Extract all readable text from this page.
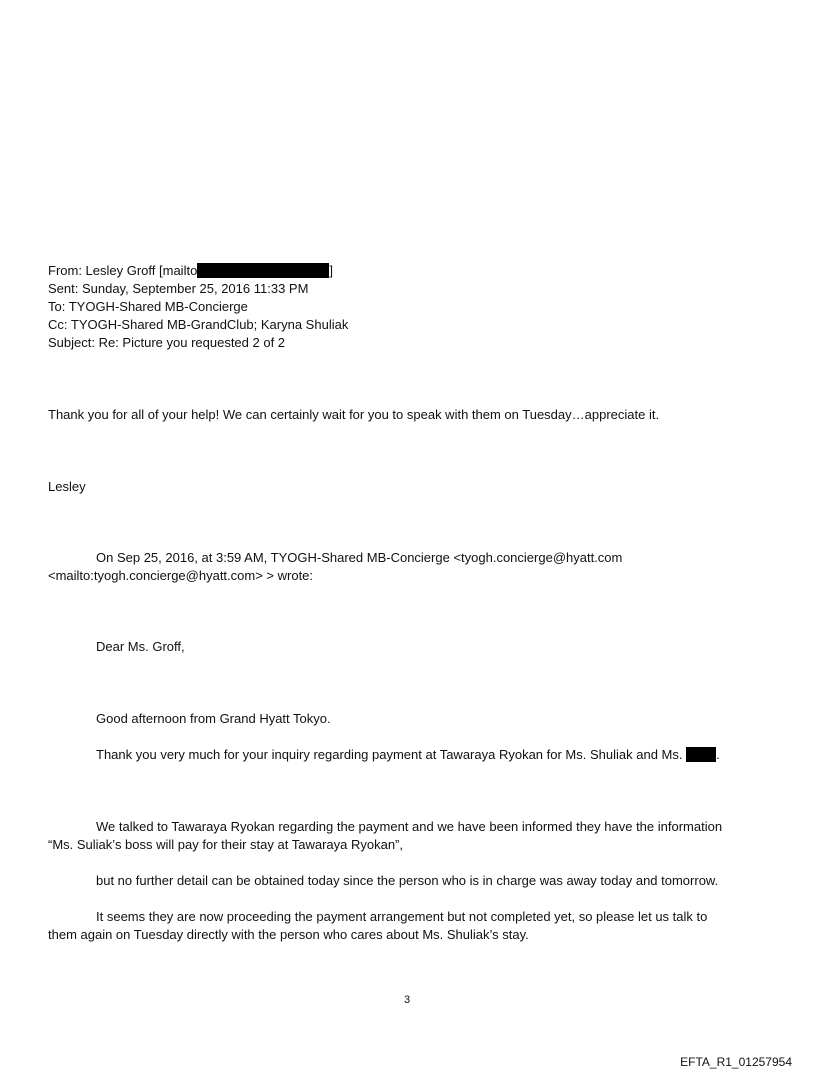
From: Lesley Groff [mailto	]
Sent: Sunday, September 25, 2016 11:33 PM
To: TYOGH-Shared MB-Concierge
Cc: TYOGH-Shared MB-GrandClub; Karyna Shuliak
Subject: Re: Picture you requested 2 of 2
Thank you for all of your help! We can certainly wait for you to speak with them on Tuesday…appreciate it.
Lesley
On Sep 25, 2016, at 3:59 AM, TYOGH-Shared MB-Concierge <tyogh.concierge@hyatt.com
<mailto:tyogh.concierge@hyatt.com> > wrote:
Dear Ms. Groff,
Good afternoon from Grand Hyatt Tokyo.
Thank you very much for your inquiry regarding payment at Tawaraya Ryokan for Ms. Shuliak and Ms.	.
We talked to Tawaraya Ryokan regarding the payment and we have been informed they have the information
“Ms. Suliak’s boss will pay for their stay at Tawaraya Ryokan”,
but no further detail can be obtained today since the person who is in charge was away today and tomorrow.
It seems they are now proceeding the payment arrangement but not completed yet, so please let us talk to
them again on Tuesday directly with the person who cares about Ms. Shuliak’s stay.
3
EFTA_R1_01257954
